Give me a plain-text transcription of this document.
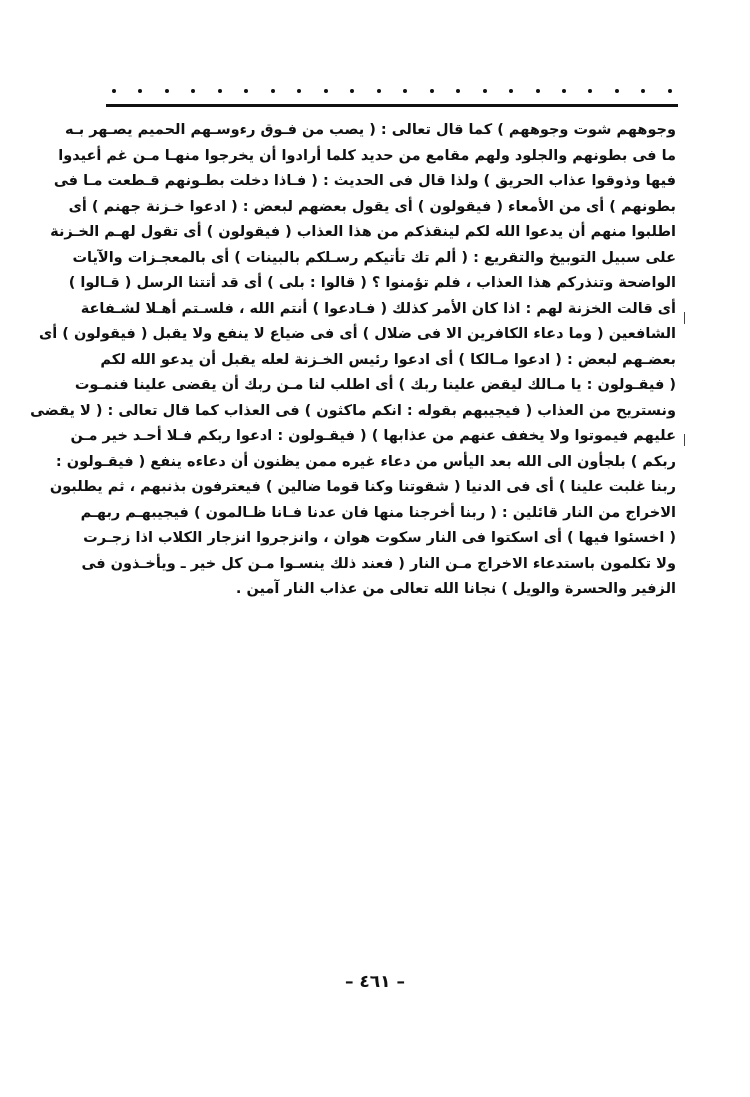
وجوههم شوت وجوههم ) كما قال تعالى : ( يصب من فـوق رءوسـهم الحميم يصـهر بـه
ما فى بطونهم والجلود ولهم مقامع من حديد كلما أرادوا أن يخرجوا منهـا مـن غم أعيدوا
فيها وذوقوا عذاب الحريق ) ولذا قال فى الحديث : ( فـاذا دخلت بطـونهم قـطعت مـا فى
بطونهم ) أى من الأمعاء ( فيقولون ) أى يقول بعضهم لبعض : ( ادعوا خـزنة جهنم ) أى
اطلبوا منهم أن يدعوا الله لكم لينقذكم من هذا العذاب ( فيقولون ) أى تقول لهـم الخـزنة
على سبيل التوبيخ والتقريع : ( ألم تك تأتيكم رسـلكم بالبينات ) أى بالمعجـزات والآيات
الواضحة وتنذركم هذا العذاب ، فلم تؤمنوا ؟ ( قالوا : بلى ) أى قد أتتنا الرسل ( قـالوا )
أى قالت الخزنة لهم : اذا كان الأمر كذلك ( فـادعوا ) أنتم الله ، فلسـتم أهـلا لشـفاعة
الشافعين ( وما دعاء الكافرين الا فى ضلال ) أى فى ضياع لا ينفع ولا يقبل ( فيقولون ) أى
بعضـهم لبعض : ( ادعوا مـالكا ) أى ادعوا رئيس الخـزنة لعله يقبل أن يدعو الله لكم
( فيقـولون : يا مـالك ليقض علينا ربك ) أى اطلب لنا مـن ربك أن يقضى علينا فنمـوت
ونستريح من العذاب ( فيجيبهم بقوله : انكم ماكثون ) فى العذاب كما قال تعالى : ( لا يقضى
عليهم فيموتوا ولا يخفف عنهم من عذابها ) ( فيقـولون : ادعوا ربكم فـلا أحـد خير مـن
ربكم ) بلجأون الى الله بعد اليأس من دعاء غيره ممن يظنون أن دعاءه ينفع ( فيقـولون :
ربنا غلبت علينا ) أى فى الدنيا ( شقوتنا وكنا قوما ضالين ) فيعترفون بذنبهم ، ثم يطلبون
الاخراج من النار قائلين : ( ربنا أخرجنا منها فان عدنا فـانا ظـالمون ) فيجيبهـم ربهـم
( اخسئوا فيها ) أى اسكتوا فى النار سكوت هوان ، وانزجروا انزجار الكلاب اذا زجـرت
ولا تكلمون باستدعاء الاخراج مـن النار ( فعند ذلك ينسـوا مـن كل خير ـ ويأخـذون فى
الزفير والحسرة والويل ) نجانا الله تعالى من عذاب النار آمين .
– ٤٦١ –
